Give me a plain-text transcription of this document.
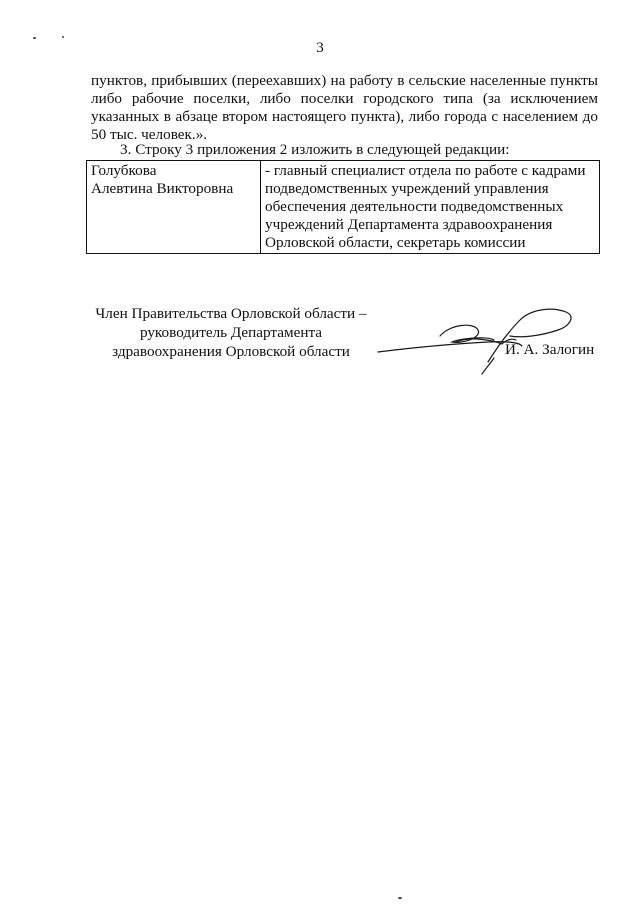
3
пунктов, прибывших (переехавших) на работу в сельские населенные пункты
либо рабочие поселки, либо поселки городского типа (за исключением
указанных в абзаце втором настоящего пункта), либо города с населением до
50 тыс. человек.».
3. Строку 3 приложения 2 изложить в следующей редакции:
Голубкова
Алевтина Викторовна

- главный специалист отдела по работе с кадрами
подведомственных учреждений управления
обеспечения деятельности подведомственных
учреждений Департамента здравоохранения
Орловской области, секретарь комиссии
Член Правительства Орловской области –
руководитель Департамента
здравоохранения Орловской области	И. А. Залогин
